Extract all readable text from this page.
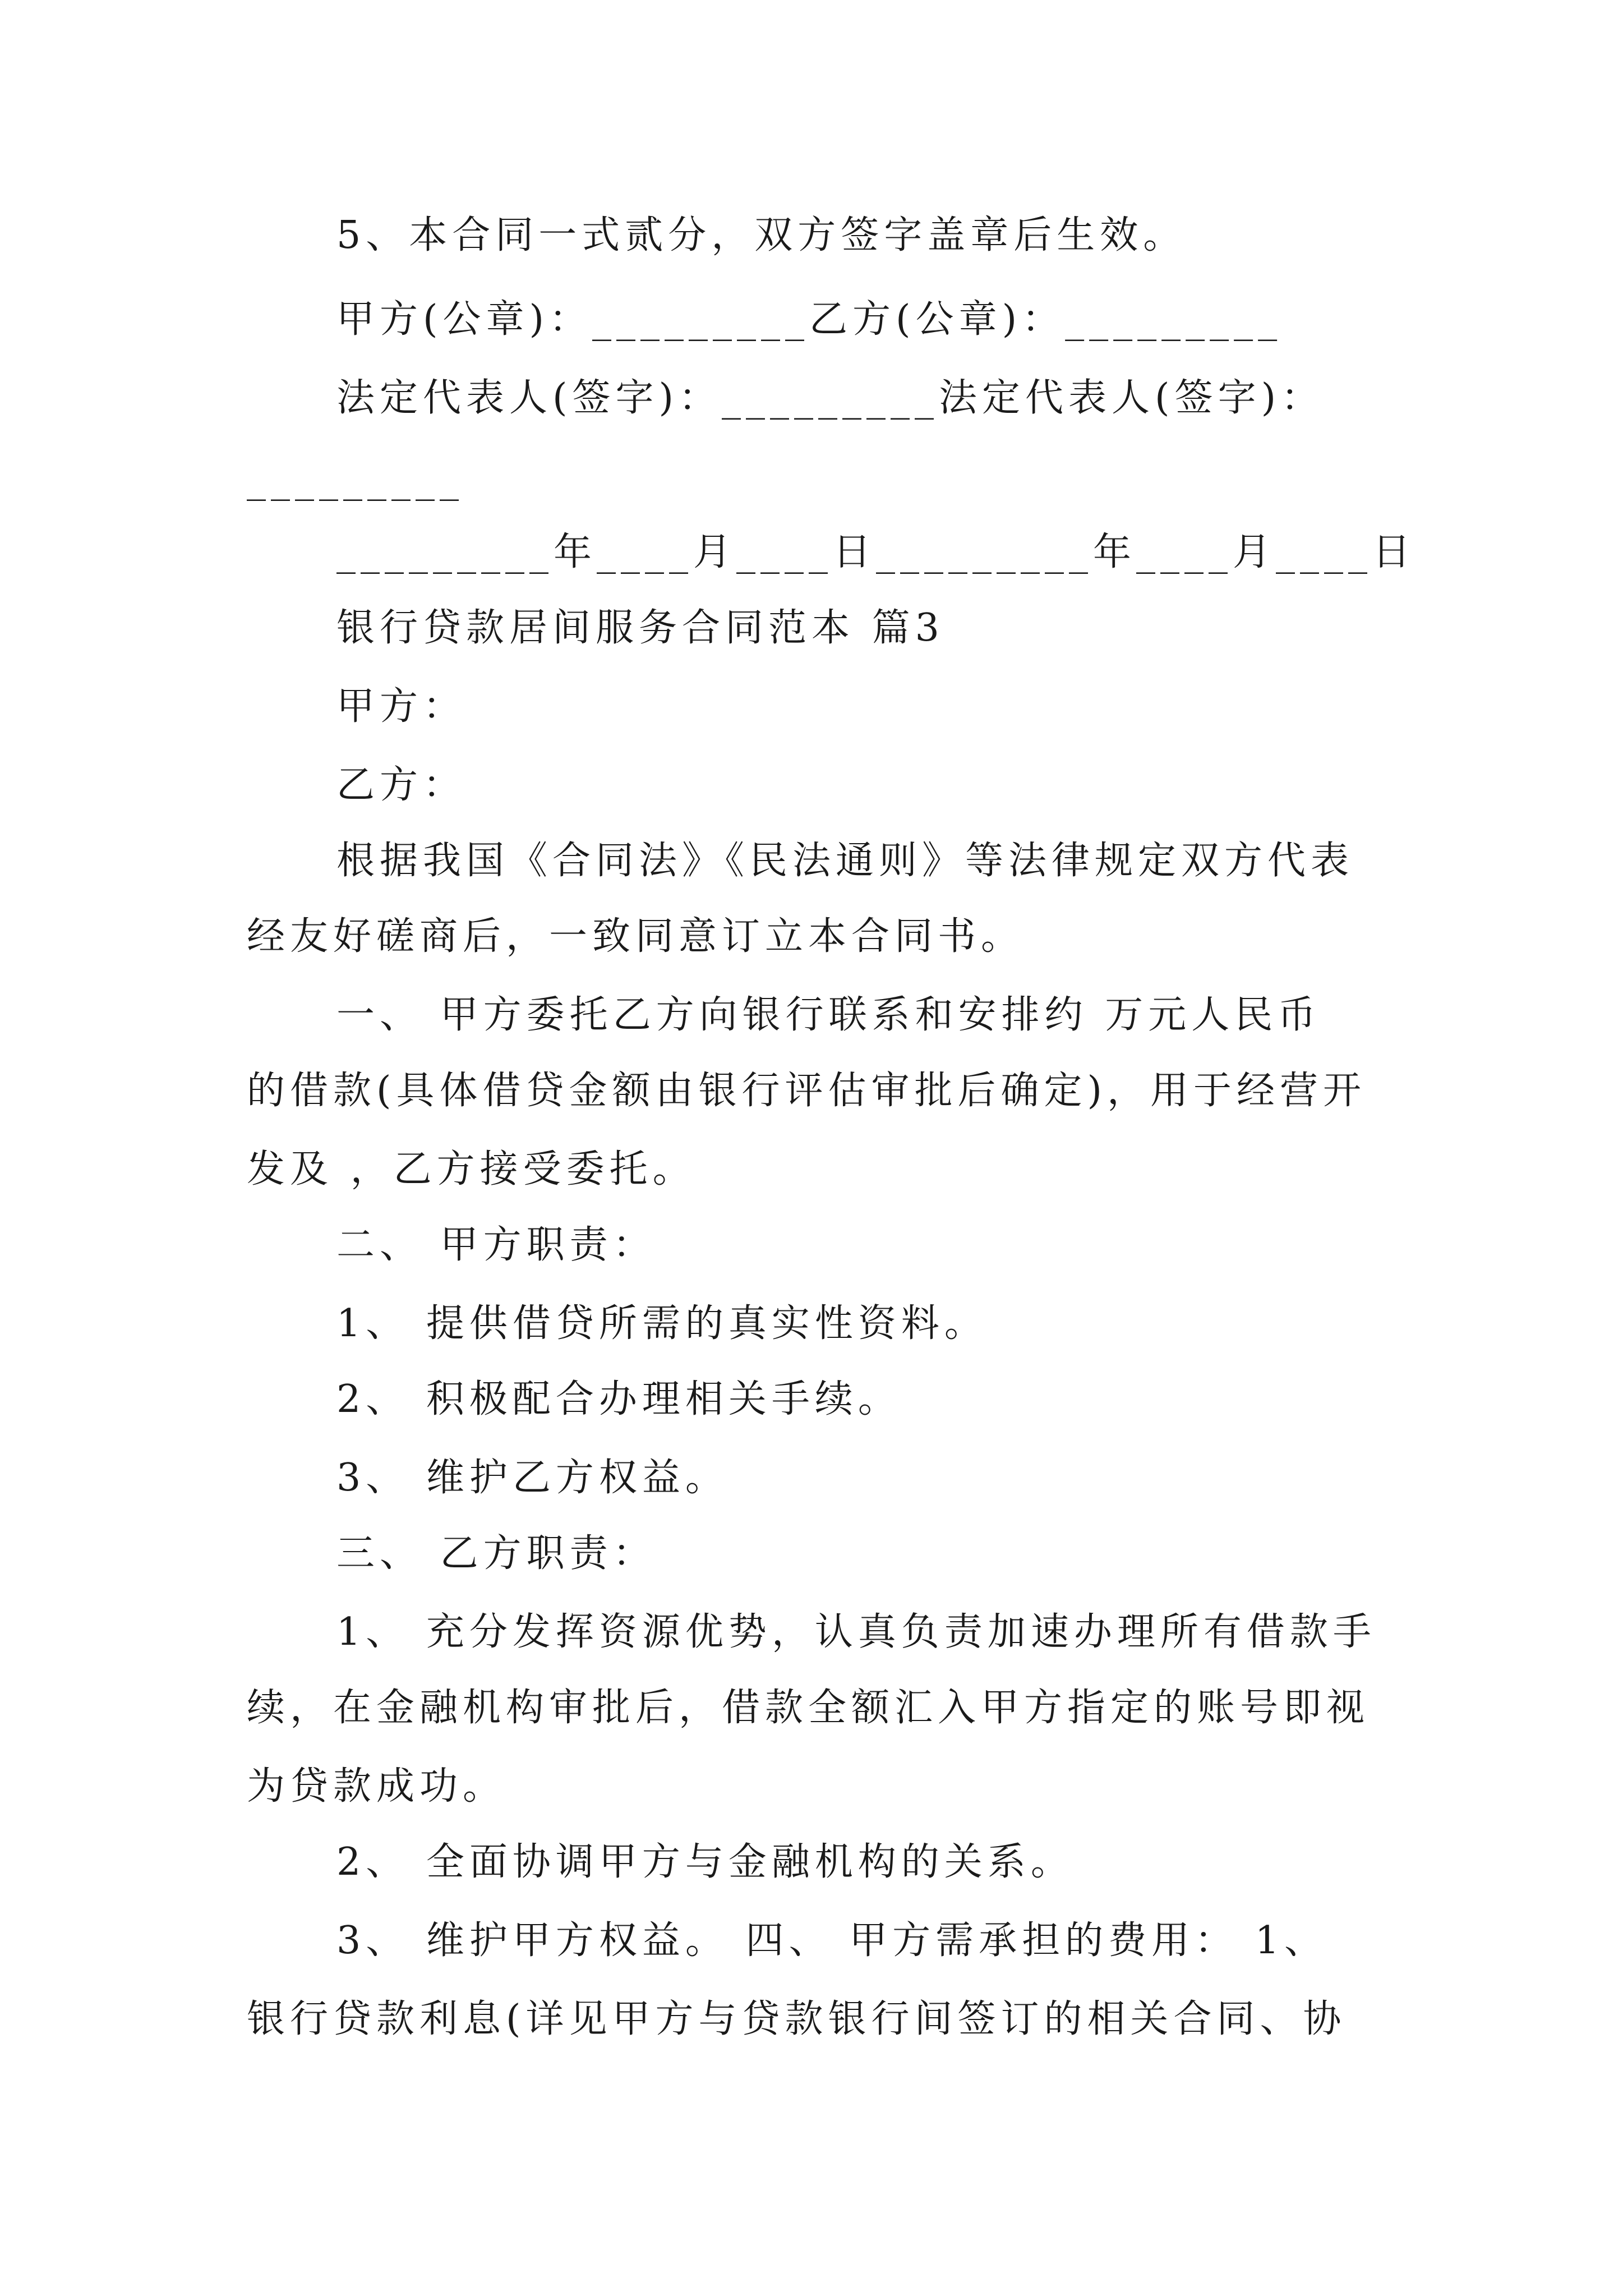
5、本合同一式贰分，双方签字盖章后生效。
甲方(公章)：_________乙方(公章)：_________
法定代表人(签字)：_________法定代表人(签字)：
_________
_________年____月____日_________年____月____日
银行贷款居间服务合同范本 篇3
甲方：
乙方：
根据我国《合同法》《民法通则》等法律规定双方代表
经友好磋商后，一致同意订立本合同书。
一、 甲方委托乙方向银行联系和安排约 万元人民币
的借款(具体借贷金额由银行评估审批后确定)，用于经营开
发及 ，乙方接受委托。
二、 甲方职责：
1、 提供借贷所需的真实性资料。
2、 积极配合办理相关手续。
3、 维护乙方权益。
三、 乙方职责：
1、 充分发挥资源优势，认真负责加速办理所有借款手
续，在金融机构审批后，借款全额汇入甲方指定的账号即视
为贷款成功。
2、 全面协调甲方与金融机构的关系。
3、 维护甲方权益。 四、 甲方需承担的费用： 1、
银行贷款利息(详见甲方与贷款银行间签订的相关合同、协
